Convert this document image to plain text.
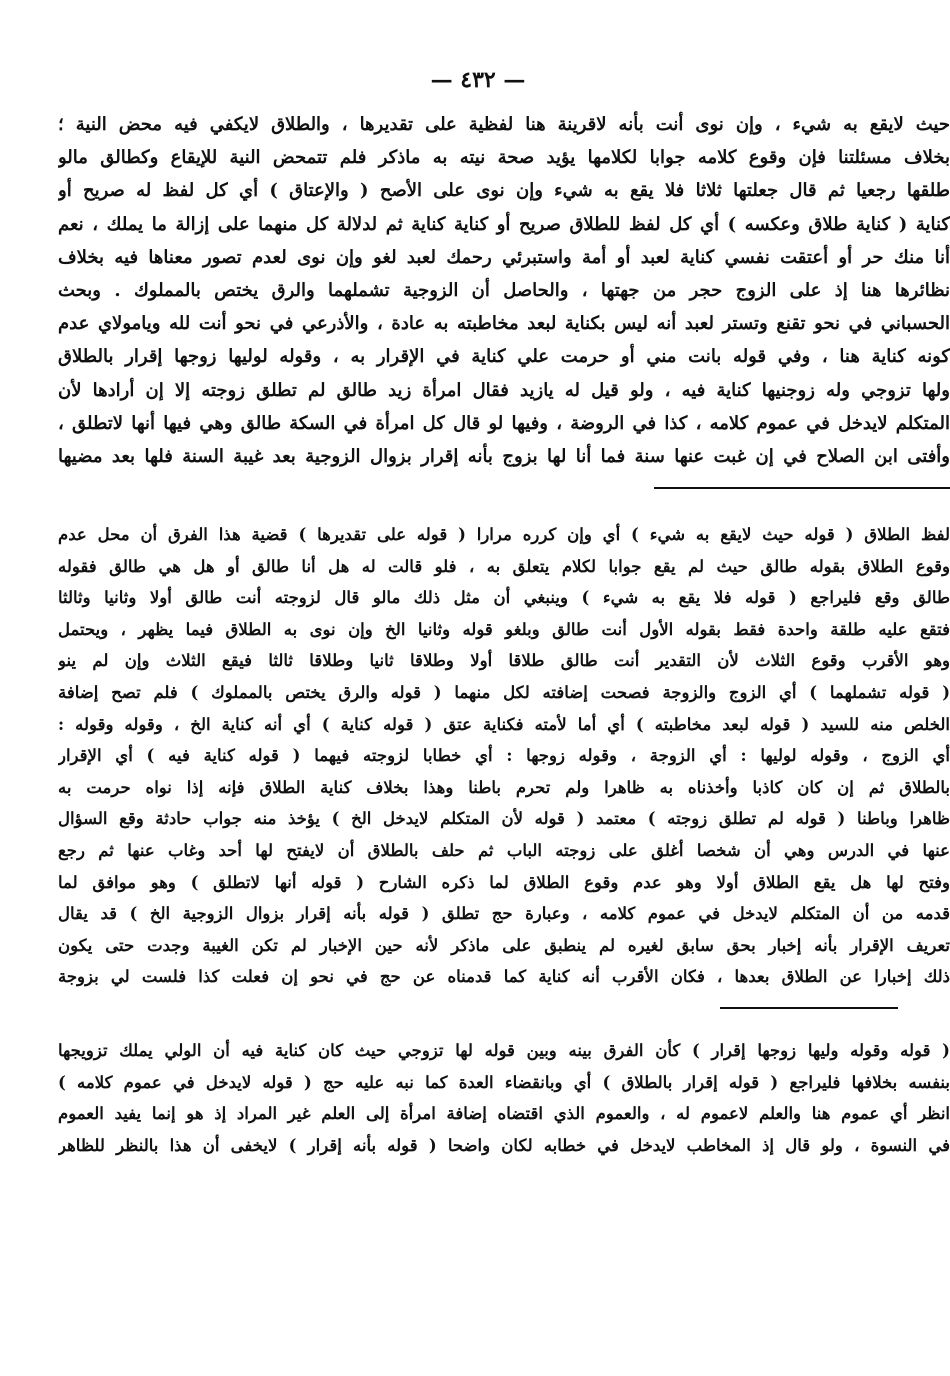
— ٤٣٢ —
حيث لايقع به شيء ، وإن نوى أنت بأنه لاقرينة هنا لفظية على تقديرها ، والطلاق لايكفي فيه محض النية ؛
بخلاف مسئلتنا فإن وقوع كلامه جوابا لكلامها يؤيد صحة نيته به ماذكر فلم تتمحض النية للإيقاع وكطالق مالو
طلقها رجعيا ثم قال جعلتها ثلاثا فلا يقع به شيء وإن نوى على الأصح ( والإعتاق ) أي كل لفظ له صريح أو
كناية ( كناية طلاق وعكسه ) أي كل لفظ للطلاق صريح أو كناية كناية ثم لدلالة كل منهما على إزالة ما يملك ، نعم
أنا منك حر أو أعتقت نفسي كناية لعبد أو أمة واستبرئي رحمك لعبد لغو وإن نوى لعدم تصور معناها فيه بخلاف
نظائرها هنا إذ على الزوج حجر من جهتها ، والحاصل أن الزوجية تشملهما والرق يختص بالمملوك . وبحث
الحسباني في نحو تقنع وتستر لعبد أنه ليس بكناية لبعد مخاطبته به عادة ، والأذرعي في نحو أنت لله ويامولاي عدم
كونه كناية هنا ، وفي قوله بانت مني أو حرمت علي كناية في الإقرار به ، وقوله لوليها زوجها إقرار بالطلاق
ولها تزوجي وله زوجنيها كناية فيه ، ولو قيل له يازيد فقال امرأة زيد طالق لم تطلق زوجته إلا إن أرادها لأن
المتكلم لايدخل في عموم كلامه ، كذا في الروضة ، وفيها لو قال كل امرأة في السكة طالق وهي فيها أنها لاتطلق ،
وأفتى ابن الصلاح في إن غبت عنها سنة فما أنا لها بزوج بأنه إقرار بزوال الزوجية بعد غيبة السنة فلها بعد مضيها
لفظ الطلاق ( قوله حيث لايقع به شيء ) أي وإن كرره مرارا ( قوله على تقديرها ) قضية هذا الفرق أن محل عدم
وقوع الطلاق بقوله طالق حيث لم يقع جوابا لكلام يتعلق به ، فلو قالت له هل أنا طالق أو هل هي طالق فقوله
طالق وقع فليراجع ( قوله فلا يقع به شيء ) وينبغي أن مثل ذلك مالو قال لزوجته أنت طالق أولا وثانيا وثالثا
فتقع عليه طلقة واحدة فقط بقوله الأول أنت طالق وبلغو قوله وثانيا الخ وإن نوى به الطلاق فيما يظهر ، ويحتمل
وهو الأقرب وقوع الثلاث لأن التقدير أنت طالق طلاقا أولا وطلاقا ثانيا وطلاقا ثالثا فيقع الثلاث وإن لم ينو
( قوله تشملهما ) أي الزوج والزوجة فصحت إضافته لكل منهما ( قوله والرق يختص بالمملوك ) فلم تصح إضافة
الخلص منه للسيد ( قوله لبعد مخاطبته ) أي أما لأمته فكناية عتق ( قوله كناية ) أي أنه كناية الخ ، وقوله وقوله :
أي الزوج ، وقوله لوليها : أي الزوجة ، وقوله زوجها : أي خطابا لزوجته فيهما ( قوله كناية فيه ) أي الإقرار
بالطلاق ثم إن كان كاذبا وأخذناه به ظاهرا ولم تحرم باطنا وهذا بخلاف كناية الطلاق فإنه إذا نواه حرمت به
ظاهرا وباطنا ( قوله لم تطلق زوجته ) معتمد ( قوله لأن المتكلم لايدخل الخ ) يؤخذ منه جواب حادثة وقع السؤال
عنها في الدرس وهي أن شخصا أغلق على زوجته الباب ثم حلف بالطلاق أن لايفتح لها أحد وغاب عنها ثم رجع
وفتح لها هل يقع الطلاق أولا وهو عدم وقوع الطلاق لما ذكره الشارح ( قوله أنها لاتطلق ) وهو موافق لما
قدمه من أن المتكلم لايدخل في عموم كلامه ، وعبارة حج تطلق ( قوله بأنه إقرار بزوال الزوجية الخ ) قد يقال
تعريف الإقرار بأنه إخبار بحق سابق لغيره لم ينطبق على ماذكر لأنه حين الإخبار لم تكن الغيبة وجدت حتى يكون
ذلك إخبارا عن الطلاق بعدها ، فكان الأقرب أنه كناية كما قدمناه عن حج في نحو إن فعلت كذا فلست لي بزوجة
( قوله وقوله وليها زوجها إقرار ) كأن الفرق بينه وبين قوله لها تزوجي حيث كان كناية فيه أن الولي يملك تزويجها
بنفسه بخلافها فليراجع ( قوله إقرار بالطلاق ) أي وبانقضاء العدة كما نبه عليه حج ( قوله لايدخل في عموم كلامه )
انظر أي عموم هنا والعلم لاعموم له ، والعموم الذي اقتضاه إضافة امرأة إلى العلم غير المراد إذ هو إنما يفيد العموم
في النسوة ، ولو قال إذ المخاطب لايدخل في خطابه لكان واضحا ( قوله بأنه إقرار ) لايخفى أن هذا بالنظر للظاهر
